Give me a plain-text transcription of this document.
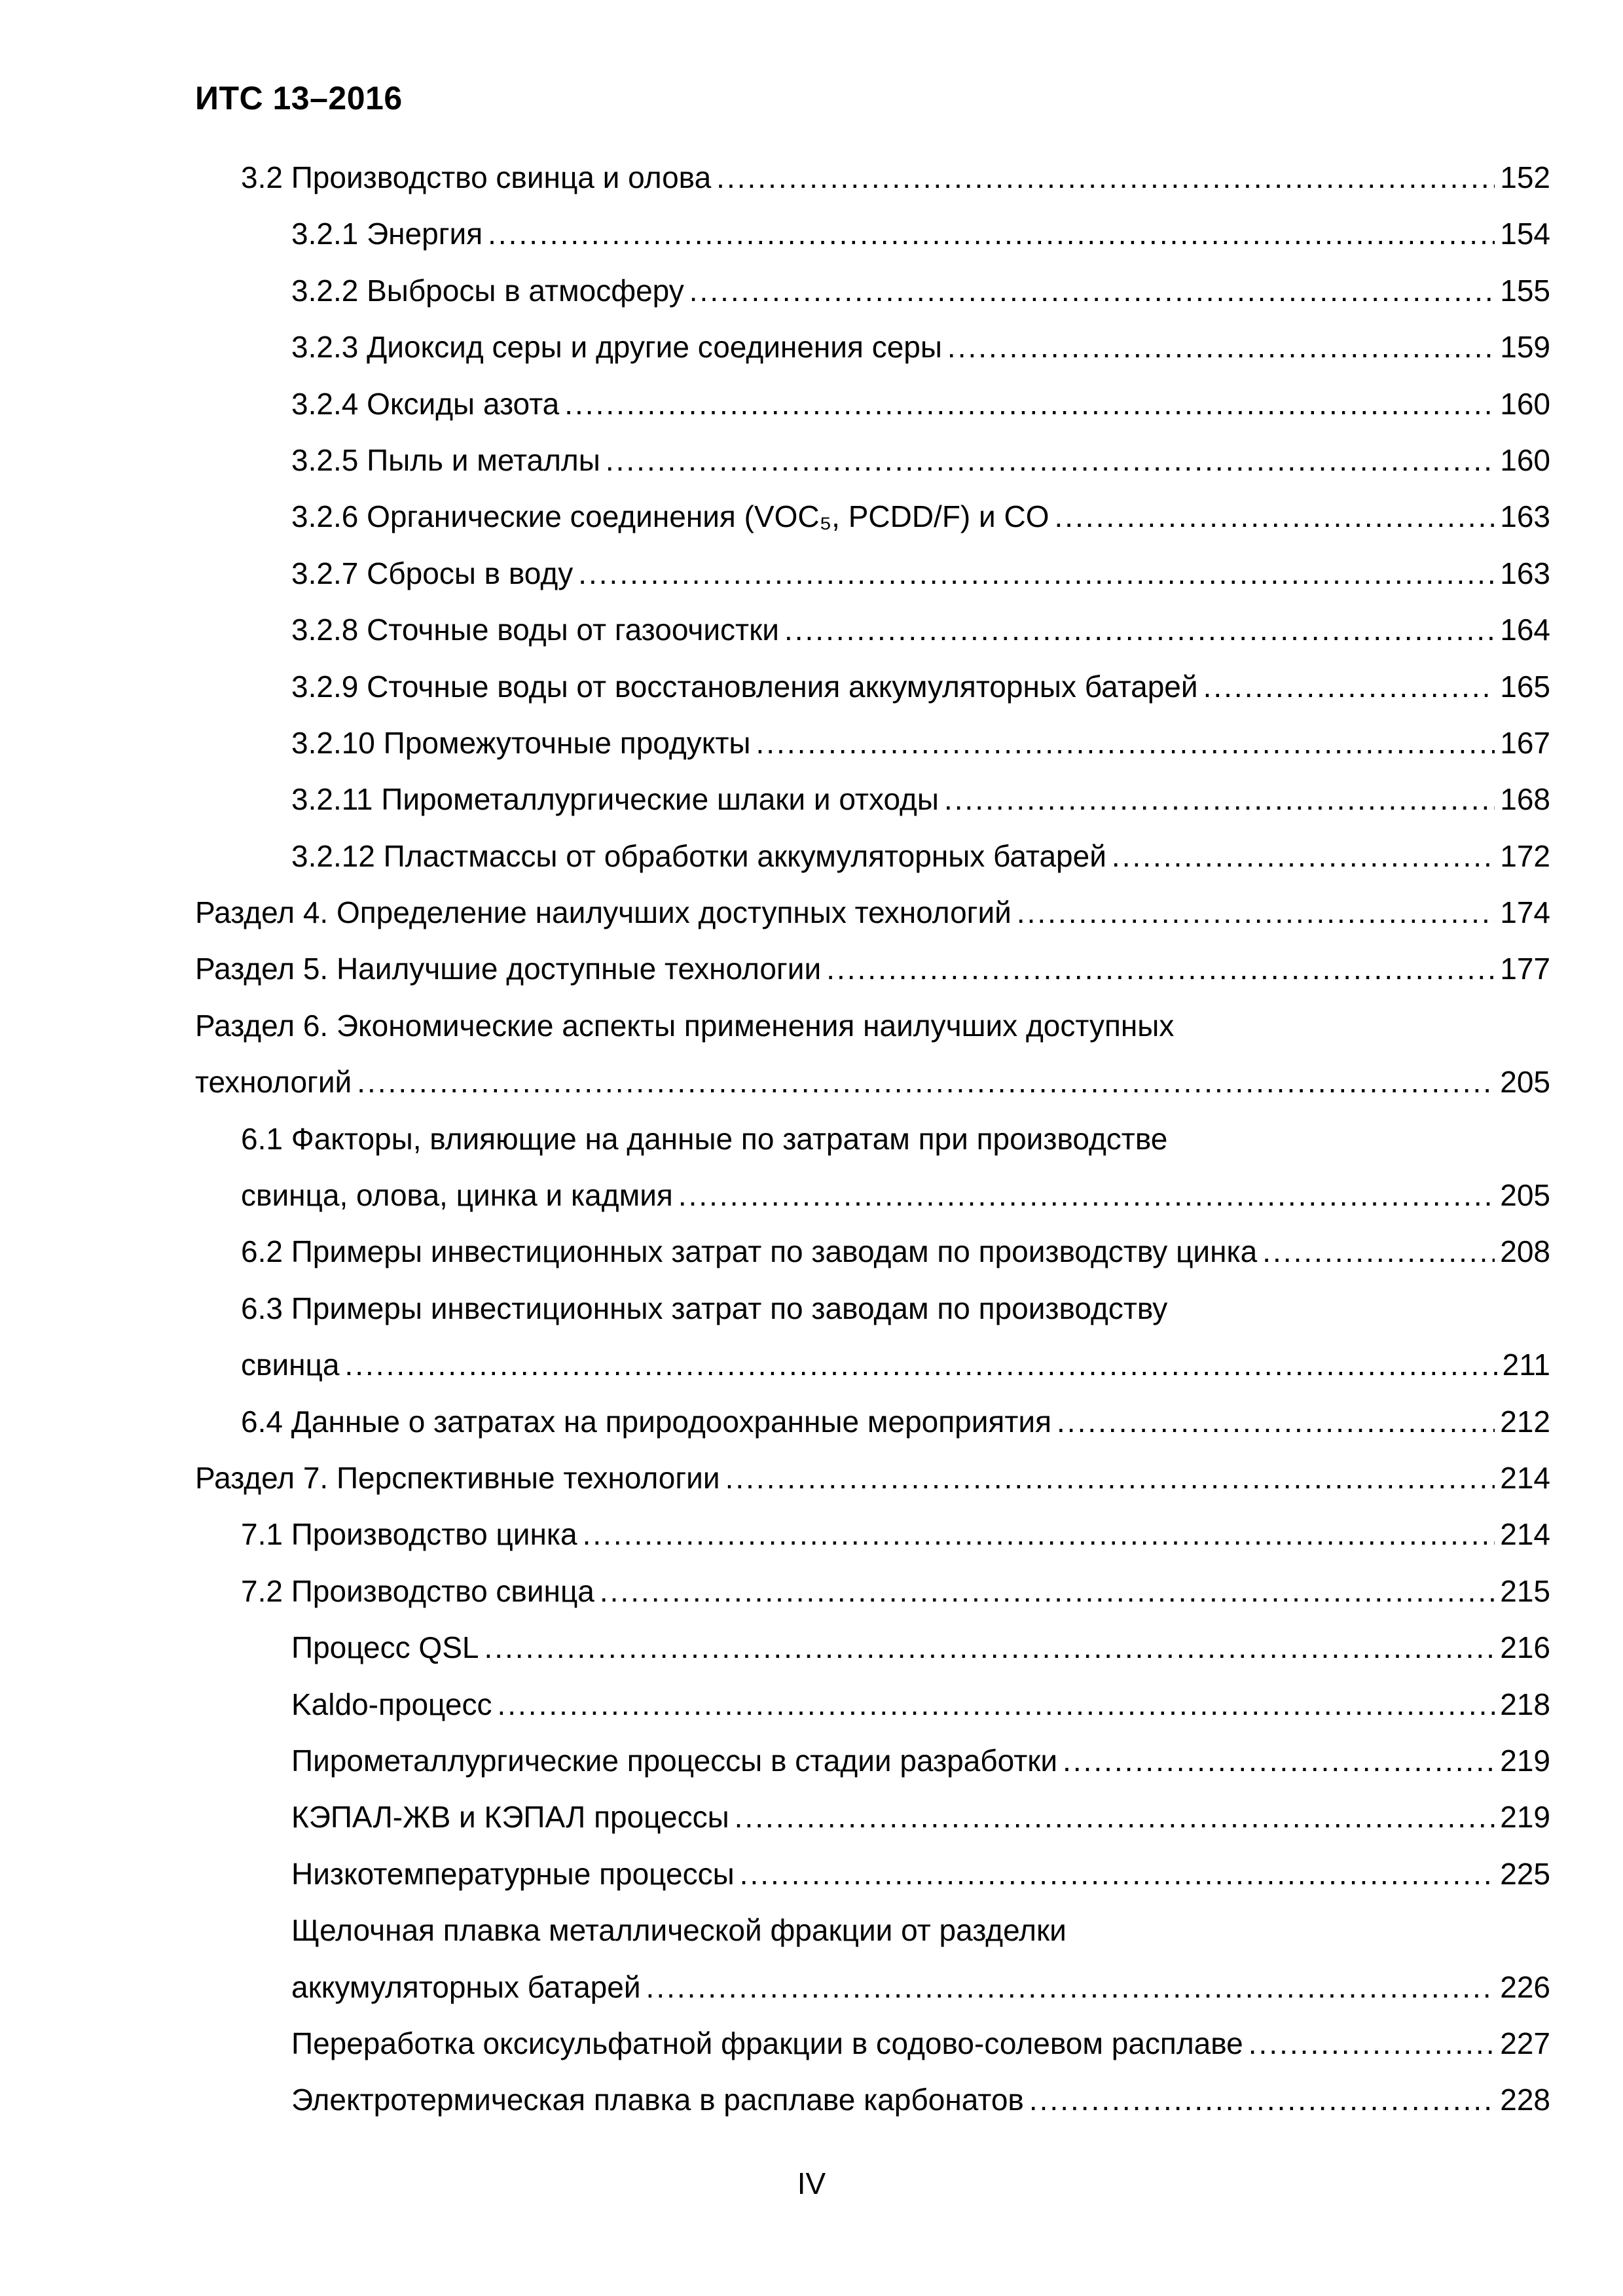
ИТС 13–2016
3.2 Производство свинца и олова .....	152
3.2.1 Энергия .....	154
3.2.2 Выбросы в атмосферу .....	155
3.2.3 Диоксид серы и другие соединения серы .....	159
3.2.4 Оксиды азота .....	160
3.2.5 Пыль и металлы .....	160
3.2.6 Органические соединения (VOC₅, PCDD/F) и CO .....	163
3.2.7 Сбросы в воду .....	163
3.2.8 Сточные воды от газоочистки .....	164
3.2.9 Сточные воды от восстановления аккумуляторных батарей .....	165
3.2.10 Промежуточные продукты .....	167
3.2.11 Пирометаллургические шлаки и отходы .....	168
3.2.12 Пластмассы от обработки аккумуляторных батарей .....	172
Раздел 4. Определение наилучших доступных технологий .....	174
Раздел 5. Наилучшие доступные технологии .....	177
Раздел 6. Экономические аспекты применения наилучших доступных
технологий .....	205
6.1 Факторы, влияющие на данные по затратам при производстве
свинца, олова, цинка и кадмия .....	205
6.2 Примеры инвестиционных затрат по заводам по производству цинка .....	208
6.3 Примеры инвестиционных затрат по заводам по производству
свинца .....	211
6.4 Данные о затратах на природоохранные мероприятия .....	212
Раздел 7. Перспективные технологии .....	214
7.1 Производство цинка .....	214
7.2 Производство свинца .....	215
Процесс QSL .....	216
Kaldo-процесс .....	218
Пирометаллургические процессы в стадии разработки .....	219
КЭПАЛ-ЖВ и КЭПАЛ процессы .....	219
Низкотемпературные процессы .....	225
Щелочная плавка металлической фракции от разделки
аккумуляторных батарей .....	226
Переработка оксисульфатной фракции в содово-солевом расплаве .....	227
Электротермическая плавка в расплаве карбонатов .....	228
IV
